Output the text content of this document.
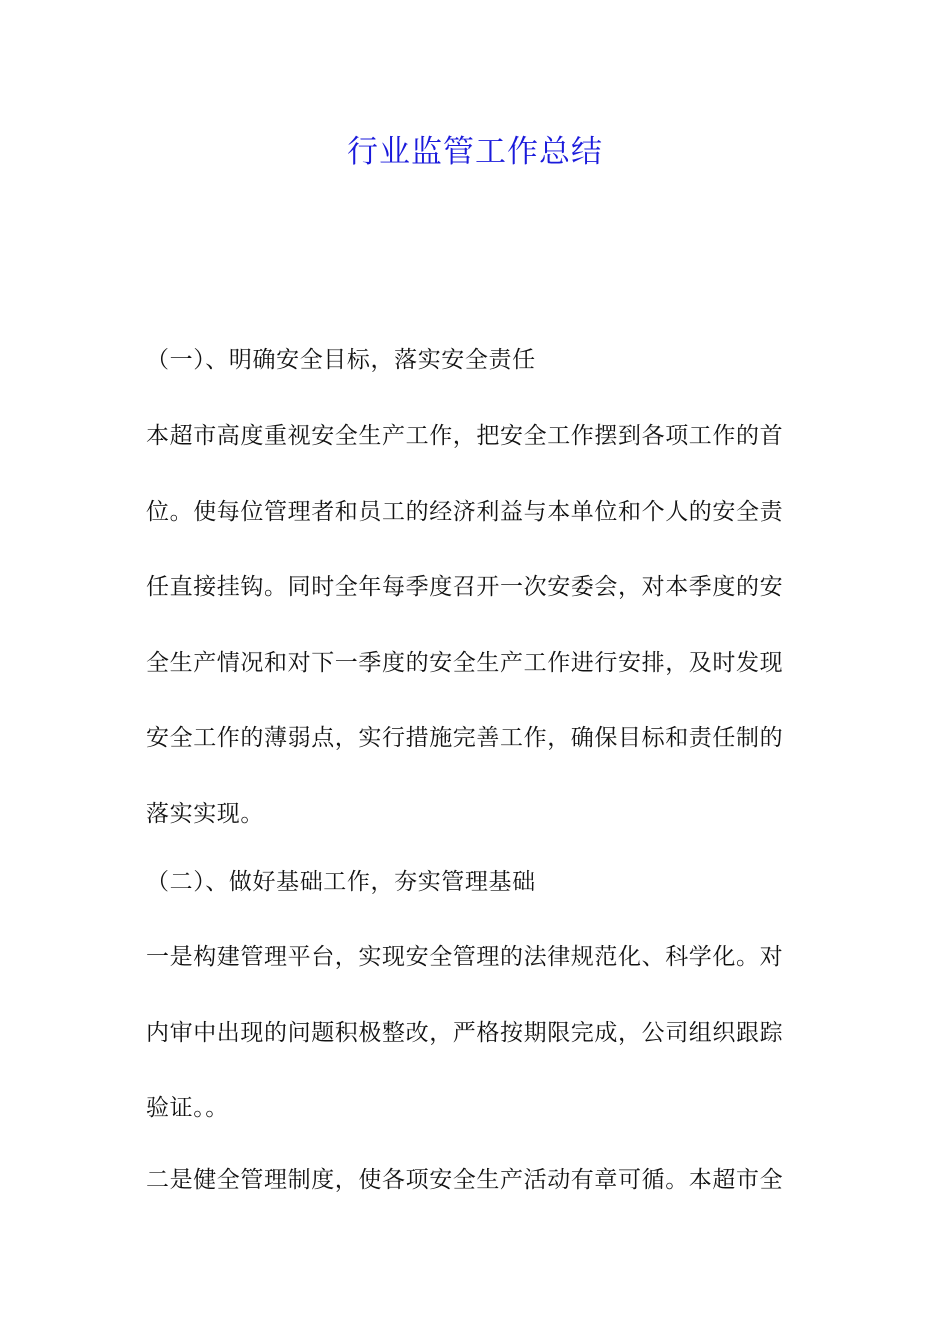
行业监管工作总结
（一）、明确安全目标，落实安全责任
本超市高度重视安全生产工作，把安全工作摆到各项工作的首
位。使每位管理者和员工的经济利益与本单位和个人的安全责
任直接挂钩。同时全年每季度召开一次安委会，对本季度的安
全生产情况和对下一季度的安全生产工作进行安排，及时发现
安全工作的薄弱点，实行措施完善工作，确保目标和责任制的
落实实现。
（二）、做好基础工作，夯实管理基础
一是构建管理平台，实现安全管理的法律规范化、科学化。对
内审中出现的问题积极整改，严格按期限完成，公司组织跟踪
验证。。
二是健全管理制度，使各项安全生产活动有章可循。本超市全
